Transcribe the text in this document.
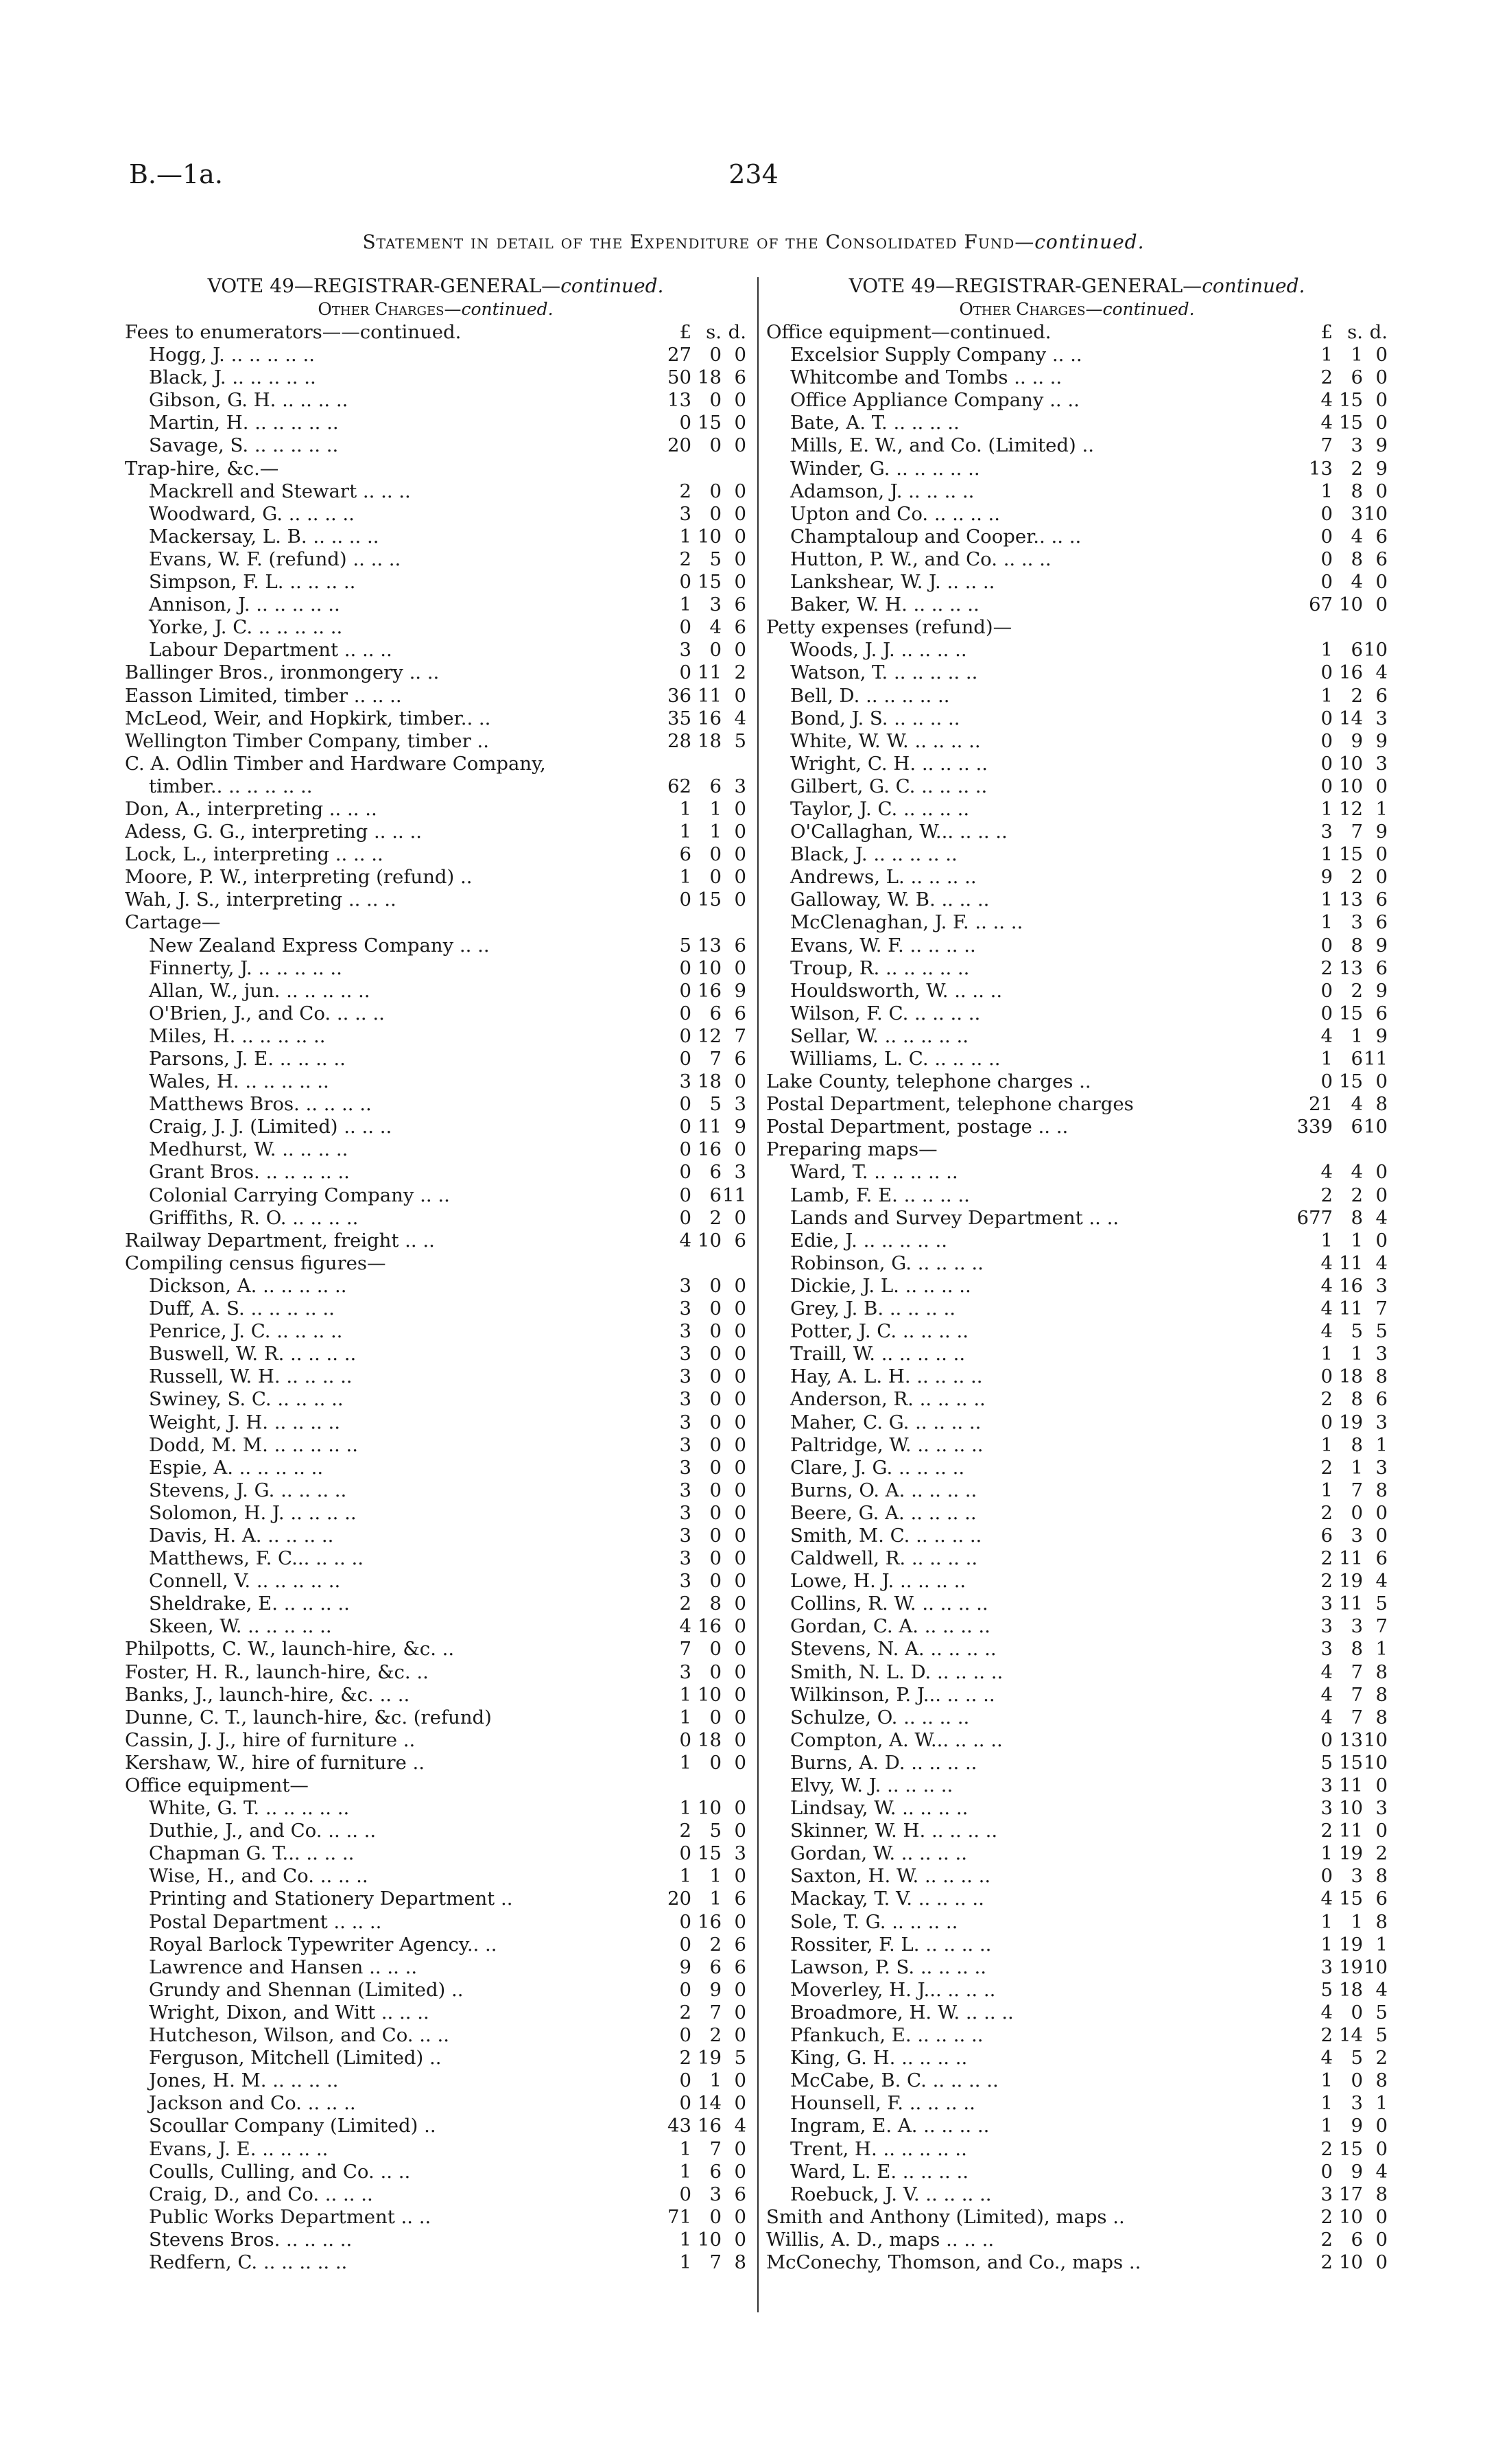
B.—1a.	234
Statement in detail of the Expenditure of the Consolidated Fund—continued.
VOTE 49—REGISTRAR-GENERAL—continued.
Other Charges—continued.
Fees to enumerators——continued.	£ s. d.
Hogg, J. .. .. .. .. ..	27 0 0
Black, J. .. .. .. .. ..	50 18 6
Gibson, G. H. .. .. .. ..	13 0 0
Martin, H. .. .. .. .. ..	0 15 0
Savage, S. .. .. .. .. ..	20 0 0
Trap-hire, &c.—
Mackrell and Stewart .. .. ..	2 0 0
Woodward, G. .. .. .. ..	3 0 0
Mackersay, L. B. .. .. .. ..	1 10 0
Evans, W. F. (refund) .. .. ..	2 5 0
Simpson, F. L. .. .. .. ..	0 15 0
Annison, J. .. .. .. .. ..	1 3 6
Yorke, J. C. .. .. .. .. ..	0 4 6
Labour Department .. .. ..	3 0 0
Ballinger Bros., ironmongery .. ..	0 11 2
Easson Limited, timber .. .. ..	36 11 0
McLeod, Weir, and Hopkirk, timber.. ..	35 16 4
Wellington Timber Company, timber ..	28 18 5
C. A. Odlin Timber and Hardware Company,
timber.. .. .. .. .. ..	62 6 3
Don, A., interpreting .. .. ..	1 1 0
Adess, G. G., interpreting .. .. ..	1 1 0
Lock, L., interpreting .. .. ..	6 0 0
Moore, P. W., interpreting (refund) ..	1 0 0
Wah, J. S., interpreting .. .. ..	0 15 0
Cartage—
New Zealand Express Company .. ..	5 13 6
Finnerty, J. .. .. .. .. ..	0 10 0
Allan, W., jun. .. .. .. .. ..	0 16 9
O'Brien, J., and Co. .. .. ..	0 6 6
Miles, H. .. .. .. .. ..	0 12 7
Parsons, J. E. .. .. .. ..	0 7 6
Wales, H. .. .. .. .. ..	3 18 0
Matthews Bros. .. .. .. ..	0 5 3
Craig, J. J. (Limited) .. .. ..	0 11 9
Medhurst, W. .. .. .. ..	0 16 0
Grant Bros. .. .. .. .. ..	0 6 3
Colonial Carrying Company .. ..	0 6 11
Griffiths, R. O. .. .. .. ..	0 2 0
Railway Department, freight .. ..	4 10 6
Compiling census figures—
Dickson, A. .. .. .. .. ..	3 0 0
Duff, A. S. .. .. .. .. ..	3 0 0
Penrice, J. C. .. .. .. ..	3 0 0
Buswell, W. R. .. .. .. ..	3 0 0
Russell, W. H. .. .. .. ..	3 0 0
Swiney, S. C. .. .. .. ..	3 0 0
Weight, J. H. .. .. .. ..	3 0 0
Dodd, M. M. .. .. .. .. ..	3 0 0
Espie, A. .. .. .. .. ..	3 0 0
Stevens, J. G. .. .. .. ..	3 0 0
Solomon, H. J. .. .. .. ..	3 0 0
Davis, H. A. .. .. .. ..	3 0 0
Matthews, F. C... .. .. ..	3 0 0
Connell, V. .. .. .. .. ..	3 0 0
Sheldrake, E. .. .. .. ..	2 8 0
Skeen, W. .. .. .. .. ..	4 16 0
Philpotts, C. W., launch-hire, &c. ..	7 0 0
Foster, H. R., launch-hire, &c. ..	3 0 0
Banks, J., launch-hire, &c. .. ..	1 10 0
Dunne, C. T., launch-hire, &c. (refund)	1 0 0
Cassin, J. J., hire of furniture ..	0 18 0
Kershaw, W., hire of furniture ..	1 0 0
Office equipment—
White, G. T. .. .. .. .. ..	1 10 0
Duthie, J., and Co. .. .. ..	2 5 0
Chapman G. T... .. .. ..	0 15 3
Wise, H., and Co. .. .. ..	1 1 0
Printing and Stationery Department ..	20 1 6
Postal Department .. .. ..	0 16 0
Royal Barlock Typewriter Agency.. ..	0 2 6
Lawrence and Hansen .. .. ..	9 6 6
Grundy and Shennan (Limited) ..	0 9 0
Wright, Dixon, and Witt .. .. ..	2 7 0
Hutcheson, Wilson, and Co. .. ..	0 2 0
Ferguson, Mitchell (Limited) ..	2 19 5
Jones, H. M. .. .. .. ..	0 1 0
Jackson and Co. .. .. ..	0 14 0
Scoullar Company (Limited) ..	43 16 4
Evans, J. E. .. .. .. ..	1 7 0
Coulls, Culling, and Co. .. ..	1 6 0
Craig, D., and Co. .. .. ..	0 3 6
Public Works Department .. ..	71 0 0
Stevens Bros. .. .. .. ..	1 10 0
Redfern, C. .. .. .. .. ..	1 7 8
VOTE 49—REGISTRAR-GENERAL—continued.
Other Charges—continued.
Office equipment—continued.	£ s. d.
Excelsior Supply Company .. ..	1 1 0
Whitcombe and Tombs .. .. ..	2 6 0
Office Appliance Company .. ..	4 15 0
Bate, A. T. .. .. .. ..	4 15 0
Mills, E. W., and Co. (Limited) ..	7 3 9
Winder, G. .. .. .. .. ..	13 2 9
Adamson, J. .. .. .. ..	1 8 0
Upton and Co. .. .. .. ..	0 3 10
Champtaloup and Cooper.. .. ..	0 4 6
Hutton, P. W., and Co. .. .. ..	0 8 6
Lankshear, W. J. .. .. ..	0 4 0
Baker, W. H. .. .. .. ..	67 10 0
Petty expenses (refund)—
Woods, J. J. .. .. .. ..	1 6 10
Watson, T. .. .. .. .. ..	0 16 4
Bell, D. .. .. .. .. ..	1 2 6
Bond, J. S. .. .. .. ..	0 14 3
White, W. W. .. .. .. ..	0 9 9
Wright, C. H. .. .. .. ..	0 10 3
Gilbert, G. C. .. .. .. ..	0 10 0
Taylor, J. C. .. .. .. ..	1 12 1
O'Callaghan, W... .. .. ..	3 7 9
Black, J. .. .. .. .. ..	1 15 0
Andrews, L. .. .. .. ..	9 2 0
Galloway, W. B. .. .. ..	1 13 6
McClenaghan, J. F. .. .. ..	1 3 6
Evans, W. F. .. .. .. ..	0 8 9
Troup, R. .. .. .. .. ..	2 13 6
Houldsworth, W. .. .. ..	0 2 9
Wilson, F. C. .. .. .. ..	0 15 6
Sellar, W. .. .. .. .. ..	4 1 9
Williams, L. C. .. .. .. ..	1 6 11
Lake County, telephone charges ..	0 15 0
Postal Department, telephone charges	21 4 8
Postal Department, postage .. ..	339 6 10
Preparing maps—
Ward, T. .. .. .. .. ..	4 4 0
Lamb, F. E. .. .. .. ..	2 2 0
Lands and Survey Department .. ..	677 8 4
Edie, J. .. .. .. .. ..	1 1 0
Robinson, G. .. .. .. ..	4 11 4
Dickie, J. L. .. .. .. ..	4 16 3
Grey, J. B. .. .. .. ..	4 11 7
Potter, J. C. .. .. .. ..	4 5 5
Traill, W. .. .. .. .. ..	1 1 3
Hay, A. L. H. .. .. .. ..	0 18 8
Anderson, R. .. .. .. ..	2 8 6
Maher, C. G. .. .. .. ..	0 19 3
Paltridge, W. .. .. .. ..	1 8 1
Clare, J. G. .. .. .. ..	2 1 3
Burns, O. A. .. .. .. ..	1 7 8
Beere, G. A. .. .. .. ..	2 0 0
Smith, M. C. .. .. .. ..	6 3 0
Caldwell, R. .. .. .. ..	2 11 6
Lowe, H. J. .. .. .. ..	2 19 4
Collins, R. W. .. .. .. ..	3 11 5
Gordan, C. A. .. .. .. ..	3 3 7
Stevens, N. A. .. .. .. ..	3 8 1
Smith, N. L. D. .. .. .. ..	4 7 8
Wilkinson, P. J... .. .. ..	4 7 8
Schulze, O. .. .. .. ..	4 7 8
Compton, A. W... .. .. ..	0 13 10
Burns, A. D. .. .. .. ..	5 15 10
Elvy, W. J. .. .. .. ..	3 11 0
Lindsay, W. .. .. .. ..	3 10 3
Skinner, W. H. .. .. .. ..	2 11 0
Gordan, W. .. .. .. ..	1 19 2
Saxton, H. W. .. .. .. ..	0 3 8
Mackay, T. V. .. .. .. ..	4 15 6
Sole, T. G. .. .. .. ..	1 1 8
Rossiter, F. L. .. .. .. ..	1 19 1
Lawson, P. S. .. .. .. ..	3 19 10
Moverley, H. J... .. .. ..	5 18 4
Broadmore, H. W. .. .. ..	4 0 5
Pfankuch, E. .. .. .. ..	2 14 5
King, G. H. .. .. .. ..	4 5 2
McCabe, B. C. .. .. .. ..	1 0 8
Hounsell, F. .. .. .. ..	1 3 1
Ingram, E. A. .. .. .. ..	1 9 0
Trent, H. .. .. .. .. ..	2 15 0
Ward, L. E. .. .. .. ..	0 9 4
Roebuck, J. V. .. .. .. ..	3 17 8
Smith and Anthony (Limited), maps ..	2 10 0
Willis, A. D., maps .. .. ..	2 6 0
McConechy, Thomson, and Co., maps ..	2 10 0
